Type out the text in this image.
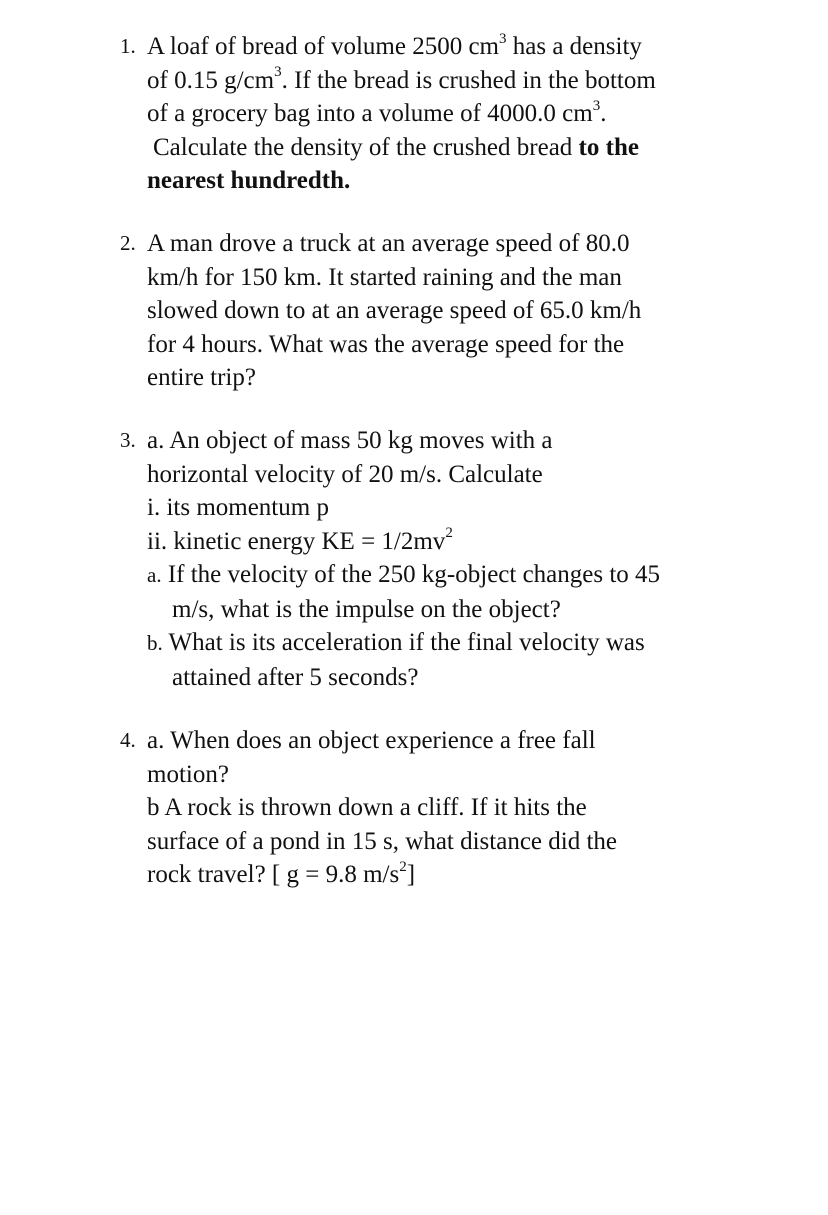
1. A loaf of bread of volume 2500 $cm^3$ has a density
of 0.15 $g/cm^3$. If the bread is crushed in the bottom
of a grocery bag into a volume of 4000.0 $cm^3$.
Calculate the density of the crushed bread to the
nearest hundredth.
2. A man drove a truck at an average speed of 80.0
km/h for 150 km. It started raining and the man
slowed down to at an average speed of 65.0 km/h
for 4 hours. What was the average speed for the
entire trip?
3. a. An object of mass 50 kg moves with a
horizontal velocity of 20 m/s. Calculate
i. its momentum p
ii. kinetic energy KE = $1/2mv^2$
a. If the velocity of the 250 kg-object changes to 45
m/s, what is the impulse on the object?
b. What is its acceleration if the final velocity was
attained after 5 seconds?
4. a. When does an object experience a free fall
motion?
b A rock is thrown down a cliff. If it hits the
surface of a pond in 15 s, what distance did the
rock travel? [ g = 9.8 $m/s^2$]
